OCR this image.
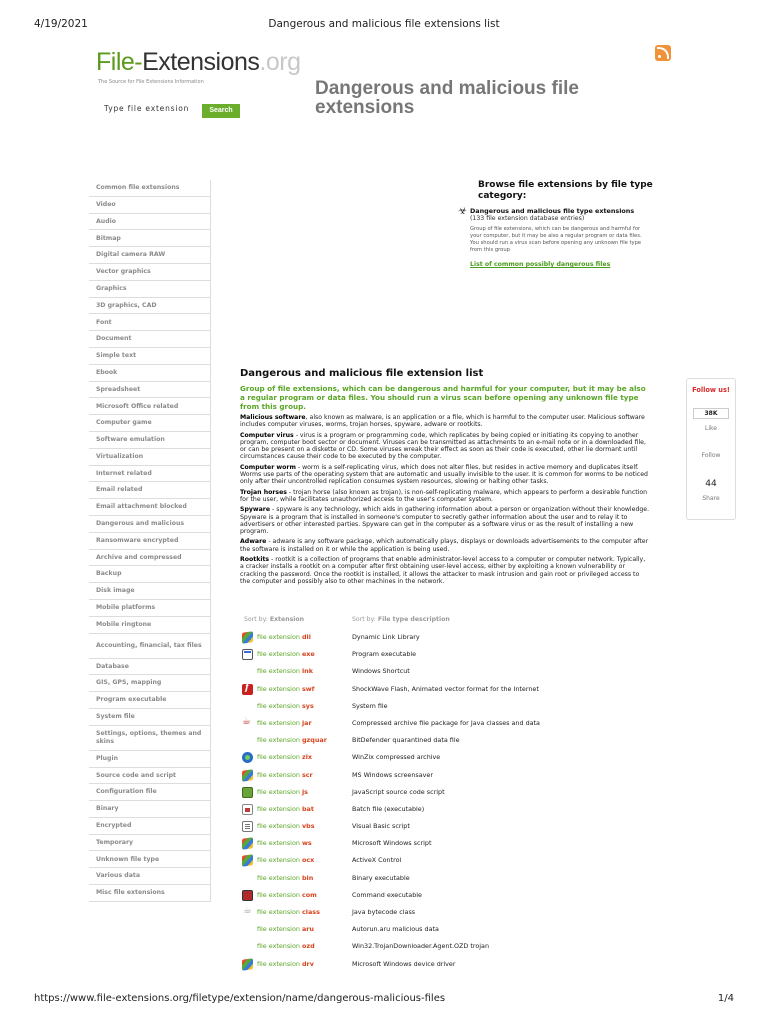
4/19/2021	Dangerous and malicious file extensions list
File-Extensions.org
The Source for File Extensions Information
Type file extension	Search
Dangerous and malicious file extensions
Common file extensions
Video
Audio
Bitmap
Digital camera RAW
Vector graphics
Graphics
3D graphics, CAD
Font
Document
Simple text
Ebook
Spreadsheet
Microsoft Office related
Computer game
Software emulation
Virtualization
Internet related
Email related
Email attachment blocked
Dangerous and malicious
Ransomware encrypted
Archive and compressed
Backup
Disk image
Mobile platforms
Mobile ringtone
Accounting, financial, tax files
Database
GIS, GPS, mapping
Program executable
System file
Settings, options, themes and skins
Plugin
Source code and script
Configuration file
Binary
Encrypted
Temporary
Unknown file type
Various data
Misc file extensions
Browse file extensions by file type category:
☣ Dangerous and malicious file type extensions
(133 file extension database entries)
Group of file extensions, which can be dangerous and harmful for your computer, but it may be also a regular program or data files. You should run a virus scan before opening any unknown file type from this group
List of common possibly dangerous files
Dangerous and malicious file extension list

Group of file extensions, which can be dangerous and harmful for your computer, but it may be also a regular program or data files. You should run a virus scan before opening any unknown file type from this group.

Malicious software, also known as malware, is an application or a file, which is harmful to the computer user. Malicious software includes computer viruses, worms, trojan horses, spyware, adware or rootkits.

Computer virus - virus is a program or programming code, which replicates by being copied or initiating its copying to another program, computer boot sector or document. Viruses can be transmitted as attachments to an e-mail note or in a downloaded file, or can be present on a diskette or CD. Some viruses wreak their effect as soon as their code is executed, other lie dormant until circumstances cause their code to be executed by the computer.

Computer worm - worm is a self-replicating virus, which does not alter files, but resides in active memory and duplicates itself. Worms use parts of the operating system that are automatic and usually invisible to the user. It is common for worms to be noticed only after their uncontrolled replication consumes system resources, slowing or halting other tasks.

Trojan horses - trojan horse (also known as trojan), is non-self-replicating malware, which appears to perform a desirable function for the user, while facilitates unauthorized access to the user's computer system.

Spyware - spyware is any technology, which aids in gathering information about a person or organization without their knowledge. Spyware is a program that is installed in someone's computer to secretly gather information about the user and to relay it to advertisers or other interested parties. Spyware can get in the computer as a software virus or as the result of installing a new program.

Adware - adware is any software package, which automatically plays, displays or downloads advertisements to the computer after the software is installed on it or while the application is being used.

Rootkits - rootkit is a collection of programs that enable administrator-level access to a computer or computer network. Typically, a cracker installs a rootkit on a computer after first obtaining user-level access, either by exploiting a known vulnerability or cracking the password. Once the rootkit is installed, it allows the attacker to mask intrusion and gain root or privileged access to the computer and possibly also to other machines in the network.

Follow us!
38K
Like
Follow
44
Share
Sort by: Extension	Sort by: File type description
file extension dll	Dynamic Link Library
file extension exe	Program executable
file extension lnk	Windows Shortcut
f
file extension swf	ShockWave Flash, Animated vector format for the Internet
file extension sys	System file
☕
file extension jar	Compressed archive file package for Java classes and data
file extension gzquar	BitDefender quarantined data file
file extension zix	WinZix compressed archive
file extension scr	MS Windows screensaver
file extension js	JavaScript source code script
file extension bat	Batch file (executable)
file extension vbs	Visual Basic script
file extension ws	Microsoft Windows script
file extension ocx	ActiveX Control
file extension bin	Binary executable
file extension com	Command executable
☕
file extension class	Java bytecode class
file extension aru	Autorun.aru malicious data
file extension ozd	Win32.TrojanDownloader.Agent.OZD trojan
file extension drv	Microsoft Windows device driver
https://www.file-extensions.org/filetype/extension/name/dangerous-malicious-files	1/4
